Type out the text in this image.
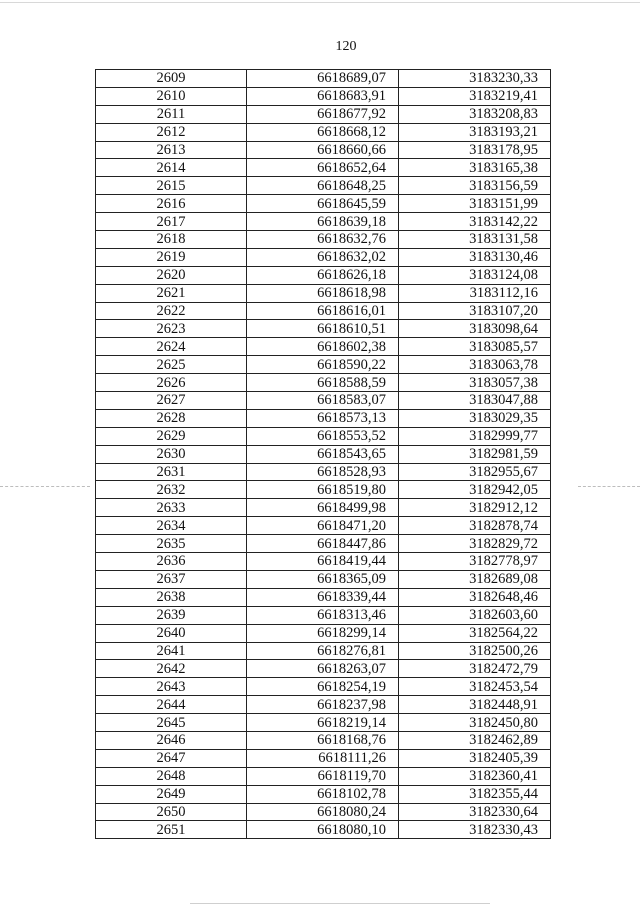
120
2609	6618689,07	3183230,33
2610	6618683,91	3183219,41
2611	6618677,92	3183208,83
2612	6618668,12	3183193,21
2613	6618660,66	3183178,95
2614	6618652,64	3183165,38
2615	6618648,25	3183156,59
2616	6618645,59	3183151,99
2617	6618639,18	3183142,22
2618	6618632,76	3183131,58
2619	6618632,02	3183130,46
2620	6618626,18	3183124,08
2621	6618618,98	3183112,16
2622	6618616,01	3183107,20
2623	6618610,51	3183098,64
2624	6618602,38	3183085,57
2625	6618590,22	3183063,78
2626	6618588,59	3183057,38
2627	6618583,07	3183047,88
2628	6618573,13	3183029,35
2629	6618553,52	3182999,77
2630	6618543,65	3182981,59
2631	6618528,93	3182955,67
2632	6618519,80	3182942,05
2633	6618499,98	3182912,12
2634	6618471,20	3182878,74
2635	6618447,86	3182829,72
2636	6618419,44	3182778,97
2637	6618365,09	3182689,08
2638	6618339,44	3182648,46
2639	6618313,46	3182603,60
2640	6618299,14	3182564,22
2641	6618276,81	3182500,26
2642	6618263,07	3182472,79
2643	6618254,19	3182453,54
2644	6618237,98	3182448,91
2645	6618219,14	3182450,80
2646	6618168,76	3182462,89
2647	6618111,26	3182405,39
2648	6618119,70	3182360,41
2649	6618102,78	3182355,44
2650	6618080,24	3182330,64
2651	6618080,10	3182330,43
